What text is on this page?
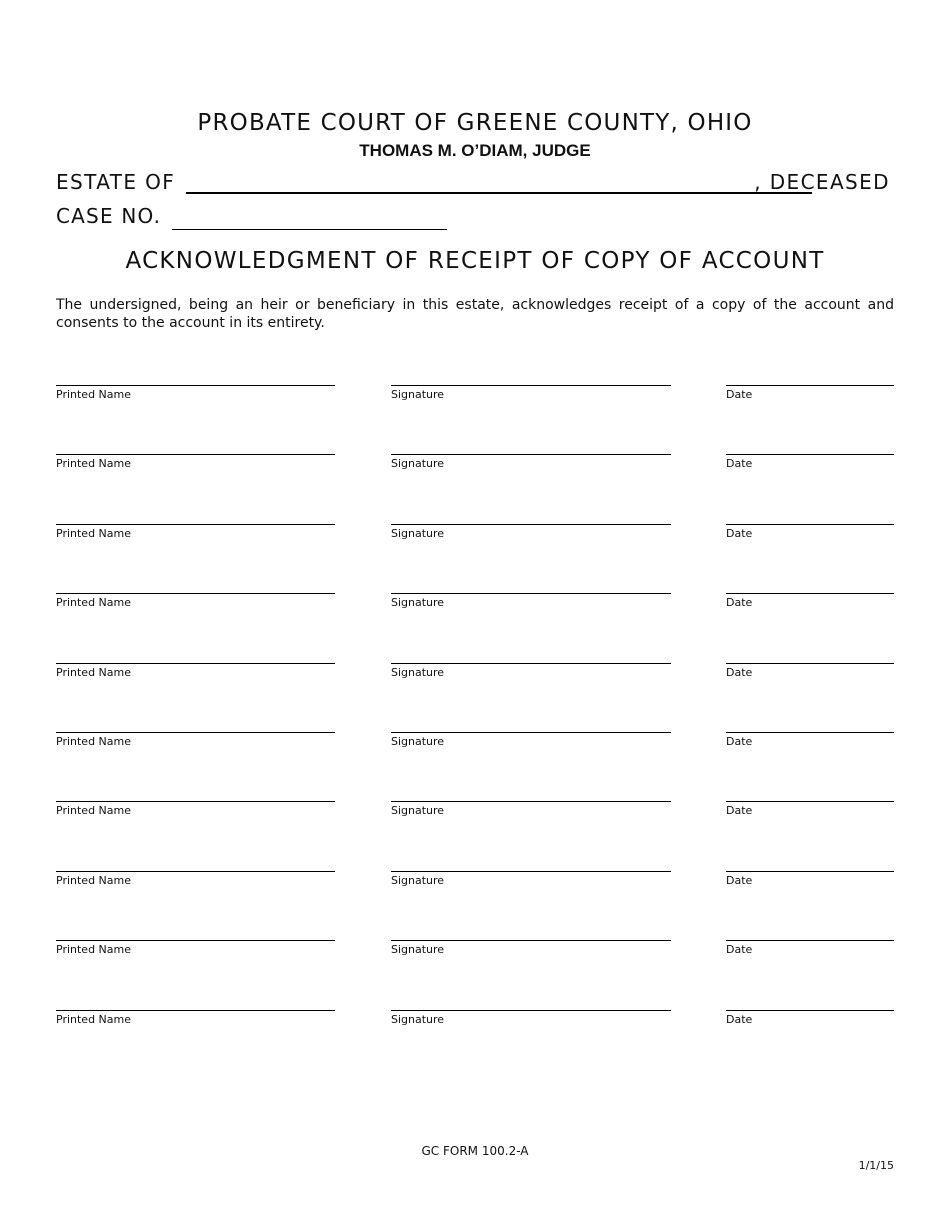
PROBATE COURT OF GREENE COUNTY, OHIO
THOMAS M. O’DIAM, JUDGE
ESTATE OF	, DECEASED
CASE NO.
ACKNOWLEDGMENT OF RECEIPT OF COPY OF ACCOUNT
The undersigned, being an heir or beneficiary in this estate, acknowledges receipt of a copy of the account and consents to the account in its entirety.
Printed Name	Signature	Date
Printed Name	Signature	Date
Printed Name	Signature	Date
Printed Name	Signature	Date
Printed Name	Signature	Date
Printed Name	Signature	Date
Printed Name	Signature	Date
Printed Name	Signature	Date
Printed Name	Signature	Date
Printed Name	Signature	Date
GC FORM 100.2-A
1/1/15
